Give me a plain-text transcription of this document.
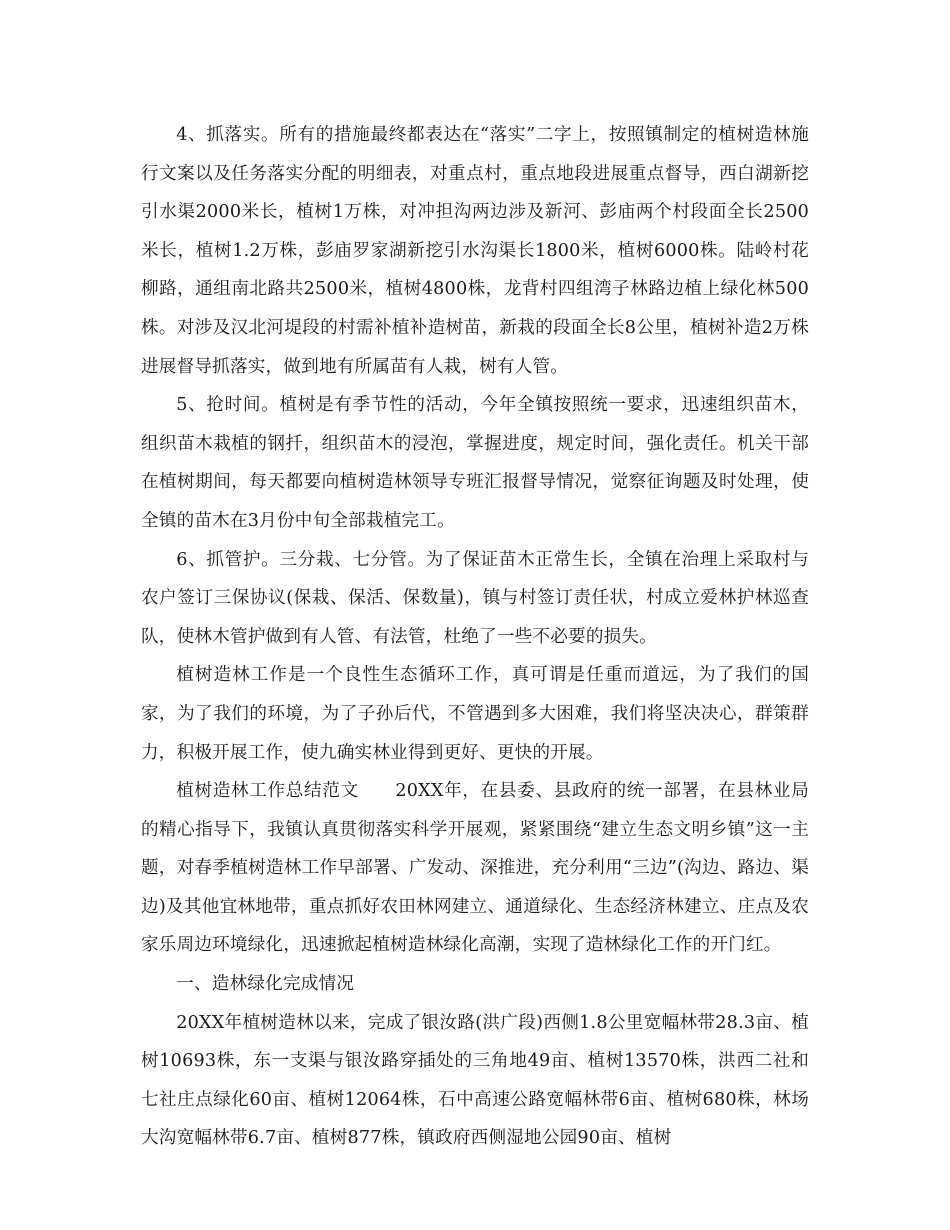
4、抓落实。所有的措施最终都表达在“落实”二字上，按照镇制定的植树造林施行文案以及任务落实分配的明细表，对重点村，重点地段进展重点督导，西白湖新挖引水渠2000米长，植树1万株，对冲担沟两边涉及新河、彭庙两个村段面全长2500米长，植树1.2万株，彭庙罗家湖新挖引水沟渠长1800米，植树6000株。陆岭村花柳路，通组南北路共2500米，植树4800株，龙背村四组湾子林路边植上绿化林500株。对涉及汉北河堤段的村需补植补造树苗，新栽的段面全长8公里，植树补造2万株进展督导抓落实，做到地有所属苗有人栽，树有人管。

5、抢时间。植树是有季节性的活动，今年全镇按照统一要求，迅速组织苗木，组织苗木栽植的钢扦，组织苗木的浸泡，掌握进度，规定时间，强化责任。机关干部在植树期间，每天都要向植树造林领导专班汇报督导情况，觉察征询题及时处理，使全镇的苗木在3月份中旬全部栽植完工。

6、抓管护。三分栽、七分管。为了保证苗木正常生长，全镇在治理上采取村与农户签订三保协议(保栽、保活、保数量)，镇与村签订责任状，村成立爱林护林巡查队，使林木管护做到有人管、有法管，杜绝了一些不必要的损失。

植树造林工作是一个良性生态循环工作，真可谓是任重而道远，为了我们的国家，为了我们的环境，为了子孙后代，不管遇到多大困难，我们将坚决决心，群策群力，积极开展工作，使九确实林业得到更好、更快的开展。

植树造林工作总结范文　　20XX年，在县委、县政府的统一部署，在县林业局的精心指导下，我镇认真贯彻落实科学开展观，紧紧围绕“建立生态文明乡镇”这一主题，对春季植树造林工作早部署、广发动、深推进，充分利用“三边”(沟边、路边、渠边)及其他宜林地带，重点抓好农田林网建立、通道绿化、生态经济林建立、庄点及农家乐周边环境绿化，迅速掀起植树造林绿化高潮，实现了造林绿化工作的开门红。

一、造林绿化完成情况

20XX年植树造林以来，完成了银汝路(洪广段)西侧1.8公里宽幅林带28.3亩、植树10693株，东一支渠与银汝路穿插处的三角地49亩、植树13570株，洪西二社和七社庄点绿化60亩、植树12064株，石中高速公路宽幅林带6亩、植树680株，林场大沟宽幅林带6.7亩、植树877株，镇政府西侧湿地公园90亩、植树
